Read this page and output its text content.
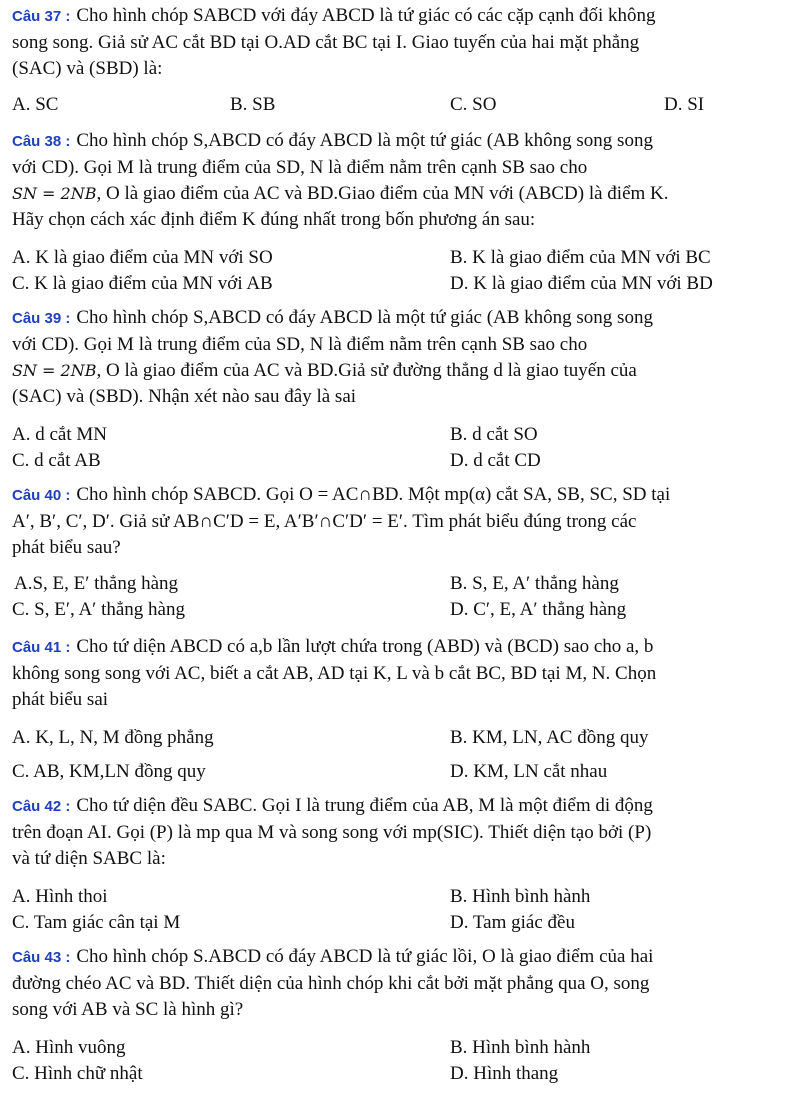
Câu 37 : Cho hình chóp SABCD với đáy ABCD là tứ giác có các cặp cạnh đối không

song song. Giả sử AC cắt BD tại O.AD cắt BC tại I. Giao tuyến của hai mặt phẳng

(SAC) và (SBD) là:

A. SC	B. SB	C. SO	D. SI

Câu 38 : Cho hình chóp S,ABCD có đáy ABCD là một tứ giác (AB không song song

với CD). Gọi M là trung điểm của SD, N là điểm nằm trên cạnh SB sao cho

SN = 2NB, O là giao điểm của AC và BD.Giao điểm của MN với (ABCD) là điểm K.

Hãy chọn cách xác định điểm K đúng nhất trong bốn phương án sau:

A. K là giao điểm của MN với SO	B. K là giao điểm của MN với BC
C. K là giao điểm của MN với AB	D. K là giao điểm của MN với BD

Câu 39 : Cho hình chóp S,ABCD có đáy ABCD là một tứ giác (AB không song song

với CD). Gọi M là trung điểm của SD, N là điểm nằm trên cạnh SB sao cho

SN = 2NB, O là giao điểm của AC và BD.Giả sử đường thẳng d là giao tuyến của

(SAC) và (SBD). Nhận xét nào sau đây là sai

A. d cắt MN	B. d cắt SO
C. d cắt AB	D. d cắt CD

Câu 40 : Cho hình chóp SABCD. Gọi O = AC∩BD. Một mp(α) cắt SA, SB, SC, SD tại

A′, B′, C′, D′. Giả sử AB∩C′D = E, A′B′∩C′D′ = E′. Tìm phát biểu đúng trong các

phát biểu sau?

A.S, E, E′ thẳng hàng	B. S, E, A′ thẳng hàng
C. S, E′, A′ thẳng hàng	D. C′, E, A′ thẳng hàng

Câu 41 : Cho tứ diện ABCD có a,b lần lượt chứa trong (ABD) và (BCD) sao cho a, b

không song song với AC, biết a cắt AB, AD tại K, L và b cắt BC, BD tại M, N. Chọn

phát biểu sai

A. K, L, N, M đồng phẳng	B. KM, LN, AC đồng quy
C. AB, KM,LN đồng quy	D. KM, LN cắt nhau

Câu 42 : Cho tứ diện đều SABC. Gọi I là trung điểm của AB, M là một điểm di động

trên đoạn AI. Gọi (P) là mp qua M và song song với mp(SIC). Thiết diện tạo bởi (P)

và tứ diện SABC là:

A. Hình thoi	B. Hình bình hành
C. Tam giác cân tại M	D. Tam giác đều

Câu 43 : Cho hình chóp S.ABCD có đáy ABCD là tứ giác lồi, O là giao điểm của hai

đường chéo AC và BD. Thiết diện của hình chóp khi cắt bởi mặt phẳng qua O, song

song với AB và SC là hình gì?

A. Hình vuông	B. Hình bình hành
C. Hình chữ nhật	D. Hình thang
